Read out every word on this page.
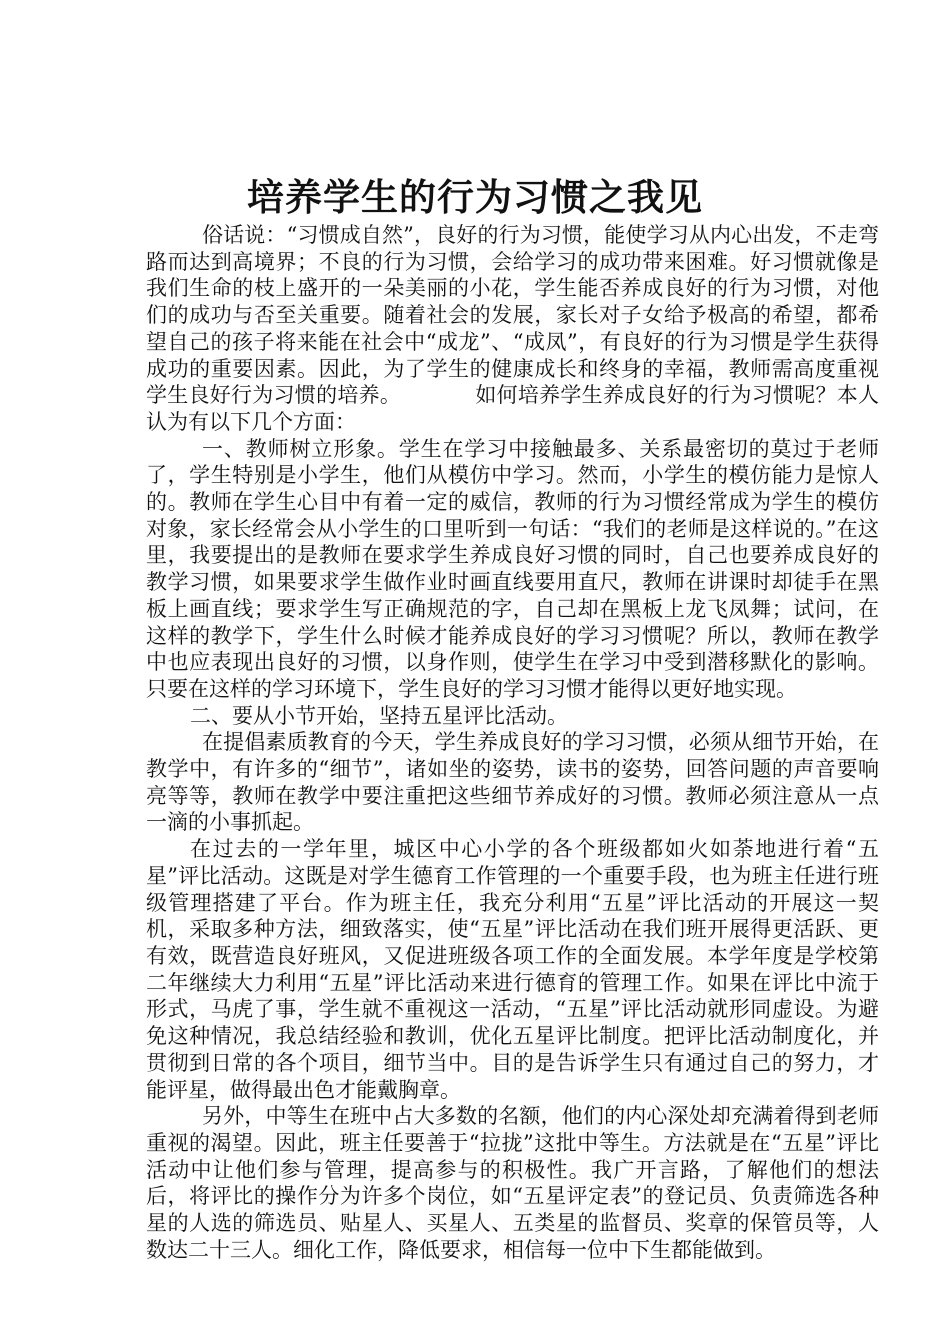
培养学生的行为习惯之我见

俗话说：“习惯成自然”，良好的行为习惯，能使学习从内心出发，不走弯路而达到高境界；不良的行为习惯，会给学习的成功带来困难。好习惯就像是我们生命的枝上盛开的一朵美丽的小花，学生能否养成良好的行为习惯，对他们的成功与否至关重要。随着社会的发展，家长对子女给予极高的希望，都希望自己的孩子将来能在社会中“成龙”、“成凤”，有良好的行为习惯是学生获得成功的重要因素。因此，为了学生的健康成长和终身的幸福，教师需高度重视学生良好行为习惯的培养。	如何培养学生养成良好的行为习惯呢？本人认为有以下几个方面：

一、教师树立形象。学生在学习中接触最多、关系最密切的莫过于老师了，学生特别是小学生，他们从模仿中学习。然而，小学生的模仿能力是惊人的。教师在学生心目中有着一定的威信，教师的行为习惯经常成为学生的模仿对象，家长经常会从小学生的口里听到一句话：“我们的老师是这样说的。”在这里，我要提出的是教师在要求学生养成良好习惯的同时，自己也要养成良好的教学习惯，如果要求学生做作业时画直线要用直尺，教师在讲课时却徒手在黑板上画直线；要求学生写正确规范的字，自己却在黑板上龙飞凤舞；试问，在这样的教学下，学生什么时候才能养成良好的学习习惯呢？所以，教师在教学中也应表现出良好的习惯，以身作则，使学生在学习中受到潜移默化的影响。只要在这样的学习环境下，学生良好的学习习惯才能得以更好地实现。

二、要从小节开始，坚持五星评比活动。

在提倡素质教育的今天，学生养成良好的学习习惯，必须从细节开始，在教学中，有许多的“细节”，诸如坐的姿势，读书的姿势，回答问题的声音要响亮等等，教师在教学中要注重把这些细节养成好的习惯。教师必须注意从一点一滴的小事抓起。

在过去的一学年里，城区中心小学的各个班级都如火如荼地进行着“五星”评比活动。这既是对学生德育工作管理的一个重要手段，也为班主任进行班级管理搭建了平台。作为班主任，我充分利用“五星”评比活动的开展这一契机，采取多种方法，细致落实，使“五星”评比活动在我们班开展得更活跃、更有效，既营造良好班风，又促进班级各项工作的全面发展。本学年度是学校第二年继续大力利用“五星”评比活动来进行德育的管理工作。如果在评比中流于形式，马虎了事，学生就不重视这一活动，“五星”评比活动就形同虚设。为避免这种情况，我总结经验和教训，优化五星评比制度。把评比活动制度化，并贯彻到日常的各个项目，细节当中。目的是告诉学生只有通过自己的努力，才能评星，做得最出色才能戴胸章。

另外，中等生在班中占大多数的名额，他们的内心深处却充满着得到老师重视的渴望。因此，班主任要善于“拉拢”这批中等生。方法就是在“五星”评比活动中让他们参与管理，提高参与的积极性。我广开言路，了解他们的想法后，将评比的操作分为许多个岗位，如“五星评定表”的登记员、负责筛选各种星的人选的筛选员、贴星人、买星人、五类星的监督员、奖章的保管员等，人数达二十三人。细化工作，降低要求，相信每一位中下生都能做到。
